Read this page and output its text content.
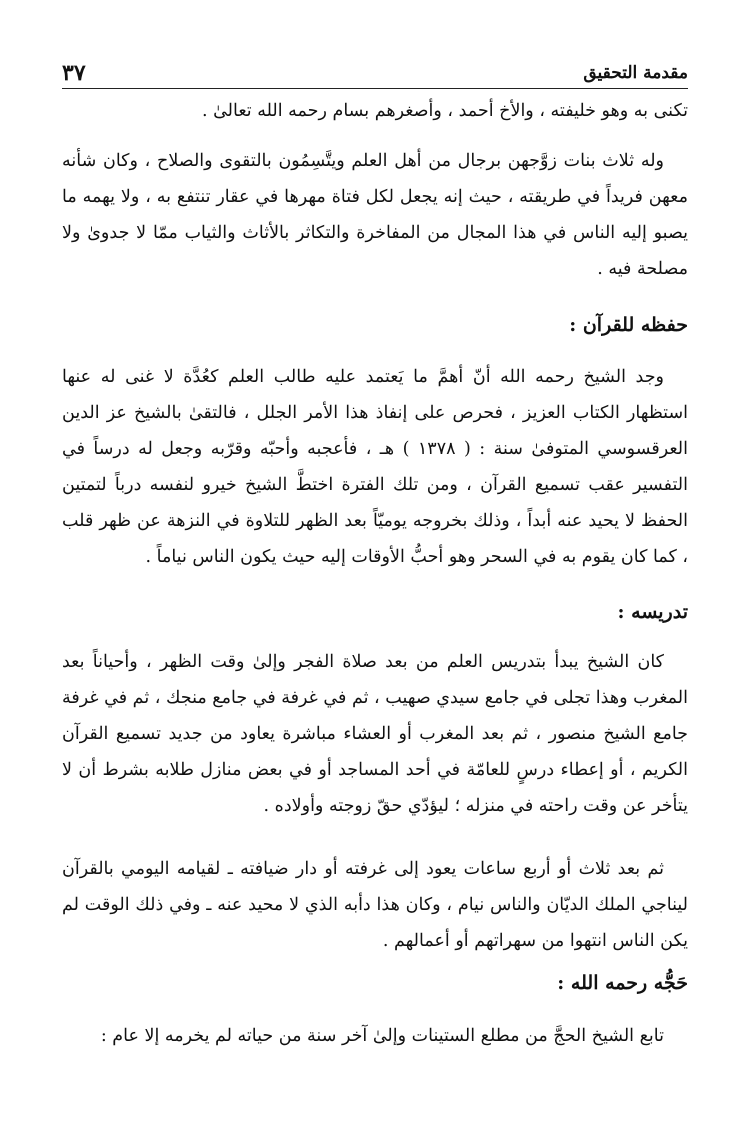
مقدمة التحقيق
٣٧

تكنى به وهو خليفته ، والأخ أحمد ، وأصغرهم بسام رحمه الله تعالىٰ .

وله ثلاث بنات زوَّجهن برجال من أهل العلم ويتَّسِمُون بالتقوى والصلاح ، وكان شأنه معهن فريداً في طريقته ، حيث إنه يجعل لكل فتاة مهرها في عقار تنتفع به ، ولا يهمه ما يصبو إليه الناس في هذا المجال من المفاخرة والتكاثر بالأثاث والثياب ممّا لا جدوىٰ ولا مصلحة فيه .

حفظه للقرآن :

وجد الشيخ رحمه الله أنّ أهمَّ ما يَعتمد عليه طالب العلم كعُدَّة لا غنى له عنها استظهار الكتاب العزيز ، فحرص على إنفاذ هذا الأمر الجلل ، فالتقىٰ بالشيخ عز الدين العرقسوسي المتوفىٰ سنة : ( ١٣٧٨ ) هـ ، فأعجبه وأحبّه وقرّبه وجعل له درساً في التفسير عقب تسميع القرآن ، ومن تلك الفترة اختطَّ الشيخ خيرو لنفسه درباً لتمتين الحفظ لا يحيد عنه أبداً ، وذلك بخروجه يوميّاً بعد الظهر للتلاوة في النزهة عن ظهر قلب ، كما كان يقوم به في السحر وهو أحبُّ الأوقات إليه حيث يكون الناس نياماً .

تدريسه :

كان الشيخ يبدأ بتدريس العلم من بعد صلاة الفجر وإلىٰ وقت الظهر ، وأحياناً بعد المغرب وهذا تجلى في جامع سيدي صهيب ، ثم في غرفة في جامع منجك ، ثم في غرفة جامع الشيخ منصور ، ثم بعد المغرب أو العشاء مباشرة يعاود من جديد تسميع القرآن الكريم ، أو إعطاء درسٍ للعامّة في أحد المساجد أو في بعض منازل طلابه بشرط أن لا يتأخر عن وقت راحته في منزله ؛ ليؤدّي حقّ زوجته وأولاده .

ثم بعد ثلاث أو أربع ساعات يعود إلى غرفته أو دار ضيافته ـ لقيامه اليومي بالقرآن ليناجي الملك الديّان والناس نيام ، وكان هذا دأبه الذي لا محيد عنه ـ وفي ذلك الوقت لم يكن الناس انتهوا من سهراتهم أو أعمالهم .

حَجُّه رحمه الله :

تابع الشيخ الحجَّ من مطلع الستينات وإلىٰ آخر سنة من حياته لم يخرمه إلا عام :
